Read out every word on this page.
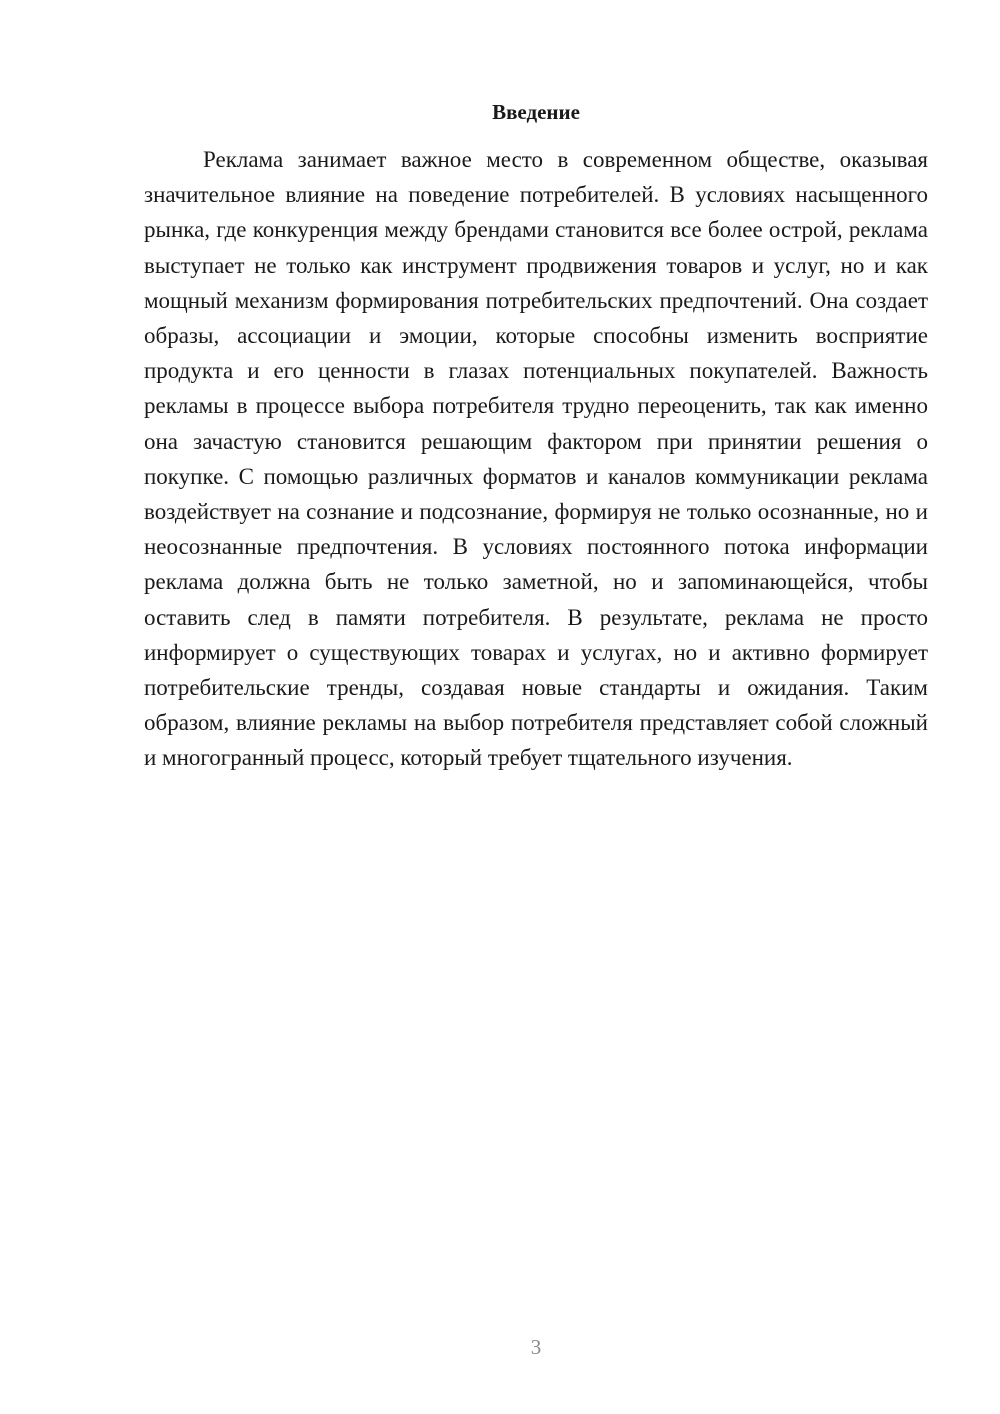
Введение

Реклама занимает важное место в современном обществе, оказывая значительное влияние на поведение потребителей. В условиях насыщенного рынка, где конкуренция между брендами становится все более острой, реклама выступает не только как инструмент продвижения товаров и услуг, но и как мощный механизм формирования потребительских предпочтений. Она создает образы, ассоциации и эмоции, которые способны изменить восприятие продукта и его ценности в глазах потенциальных покупателей. Важность рекламы в процессе выбора потребителя трудно переоценить, так как именно она зачастую становится решающим фактором при принятии решения о покупке. С помощью различных форматов и каналов коммуникации реклама воздействует на сознание и подсознание, формируя не только осознанные, но и неосознанные предпочтения. В условиях постоянного потока информации реклама должна быть не только заметной, но и запоминающейся, чтобы оставить след в памяти потребителя. В результате, реклама не просто информирует о существующих товарах и услугах, но и активно формирует потребительские тренды, создавая новые стандарты и ожидания. Таким образом, влияние рекламы на выбор потребителя представляет собой сложный и многогранный процесс, который требует тщательного изучения.

3
